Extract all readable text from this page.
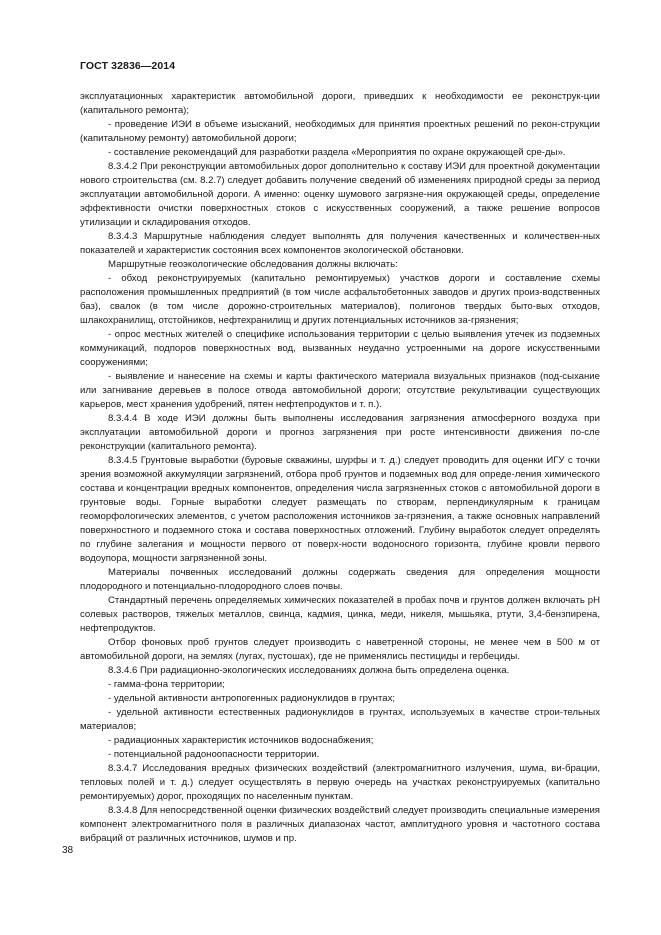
ГОСТ 32836—2014

эксплуатационных характеристик автомобильной дороги, приведших к необходимости ее реконструк-ции (капитального ремонта);

- проведение ИЭИ в объеме изысканий, необходимых для принятия проектных решений по рекон-струкции (капитальному ремонту) автомобильной дороги;

- составление рекомендаций для разработки раздела «Мероприятия по охране окружающей сре-ды».

8.3.4.2 При реконструкции автомобильных дорог дополнительно к составу ИЭИ для проектной документации нового строительства (см. 8.2.7) следует добавить получение сведений об изменениях природной среды за период эксплуатации автомобильной дороги. А именно: оценку шумового загрязне-ния окружающей среды, определение эффективности очистки поверхностных стоков с искусственных сооружений, а также решение вопросов утилизации и складирования отходов.

8.3.4.3 Маршрутные наблюдения следует выполнять для получения качественных и количествен-ных показателей и характеристик состояния всех компонентов экологической обстановки.

Маршрутные геоэкологические обследования должны включать:

- обход реконструируемых (капитально ремонтируемых) участков дороги и составление схемы расположения промышленных предприятий (в том числе асфальтобетонных заводов и других произ-водственных баз), свалок (в том числе дорожно-строительных материалов), полигонов твердых быто-вых отходов, шлакохранилищ, отстойников, нефтехранилищ и других потенциальных источников за-грязнения;

- опрос местных жителей о специфике использования территории с целью выявления утечек из подземных коммуникаций, подпоров поверхностных вод, вызванных неудачно устроенными на дороге искусственными сооружениями;

- выявление и нанесение на схемы и карты фактического материала визуальных признаков (под-сыхание или загнивание деревьев в полосе отвода автомобильной дороги; отсутствие рекультивации существующих карьеров, мест хранения удобрений, пятен нефтепродуктов и т. п.).

8.3.4.4 В ходе ИЭИ должны быть выполнены исследования загрязнения атмосферного воздуха при эксплуатации автомобильной дороги и прогноз загрязнения при росте интенсивности движения по-сле реконструкции (капитального ремонта).

8.3.4.5 Грунтовые выработки (буровые скважины, шурфы и т. д.) следует проводить для оценки ИГУ с точки зрения возможной аккумуляции загрязнений, отбора проб грунтов и подземных вод для опреде-ления химического состава и концентрации вредных компонентов, определения числа загрязненных стоков с автомобильной дороги в грунтовые воды. Горные выработки следует размещать по створам, перпендикулярным к границам геоморфологических элементов, с учетом расположения источников за-грязнения, а также основных направлений поверхностного и подземного стока и состава поверхностных отложений. Глубину выработок следует определять по глубине залегания и мощности первого от поверх-ности водоносного горизонта, глубине кровли первого водоупора, мощности загрязненной зоны.

Материалы почвенных исследований должны содержать сведения для определения мощности плодородного и потенциально-плодородного слоев почвы.

Стандартный перечень определяемых химических показателей в пробах почв и грунтов должен включать рН солевых растворов, тяжелых металлов, свинца, кадмия, цинка, меди, никеля, мышьяка, ртути, 3,4-бензпирена, нефтепродуктов.

Отбор фоновых проб грунтов следует производить с наветренной стороны, не менее чем в 500 м от автомобильной дороги, на землях (лугах, пустошах), где не применялись пестициды и гербециды.

8.3.4.6 При радиационно-экологических исследованиях должна быть определена оценка.

- гамма-фона территории;

- удельной активности антропогенных радионуклидов в грунтах;

- удельной активности естественных радионуклидов в грунтах, используемых в качестве строи-тельных материалов;

- радиационных характеристик источников водоснабжения;

- потенциальной радоноопасности территории.

8.3.4.7 Исследования вредных физических воздействий (электромагнитного излучения, шума, ви-брации, тепловых полей и т. д.) следует осуществлять в первую очередь на участках реконструируемых (капитально ремонтируемых) дорог, проходящих по населенным пунктам.

8.3.4.8 Для непосредственной оценки физических воздействий следует производить специальные измерения компонент электромагнитного поля в различных диапазонах частот, амплитудного уровня и частотного состава вибраций от различных источников, шумов и пр.

38
